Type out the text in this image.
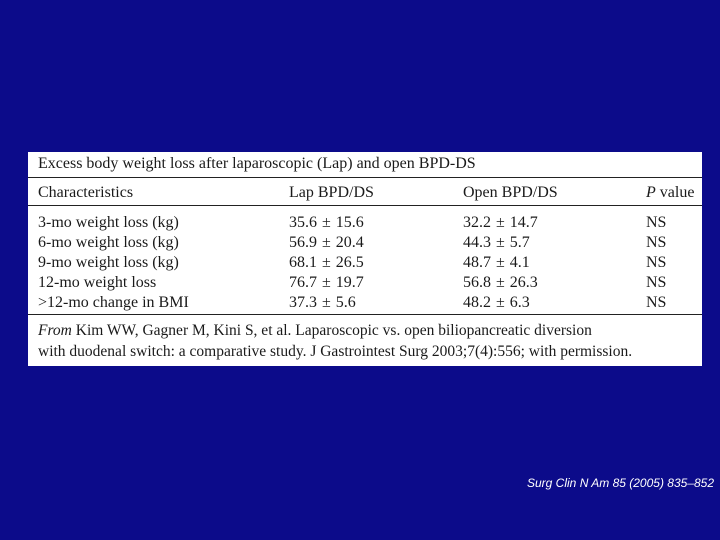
Excess body weight loss after laparoscopic (Lap) and open BPD-DS
Characteristics	Lap BPD/DS	Open BPD/DS	P value
3-mo weight loss (kg)	35.6 ± 15.6	32.2 ± 14.7	NS
6-mo weight loss (kg)	56.9 ± 20.4	44.3 ± 5.7	NS
9-mo weight loss (kg)	68.1 ± 26.5	48.7 ± 4.1	NS
12-mo weight loss	76.7 ± 19.7	56.8 ± 26.3	NS
>12-mo change in BMI	37.3 ± 5.6	48.2 ± 6.3	NS
From Kim WW, Gagner M, Kini S, et al. Laparoscopic vs. open biliopancreatic diversion
with duodenal switch: a comparative study. J Gastrointest Surg 2003;7(4):556; with permission.
Surg Clin N Am 85 (2005) 835–852
